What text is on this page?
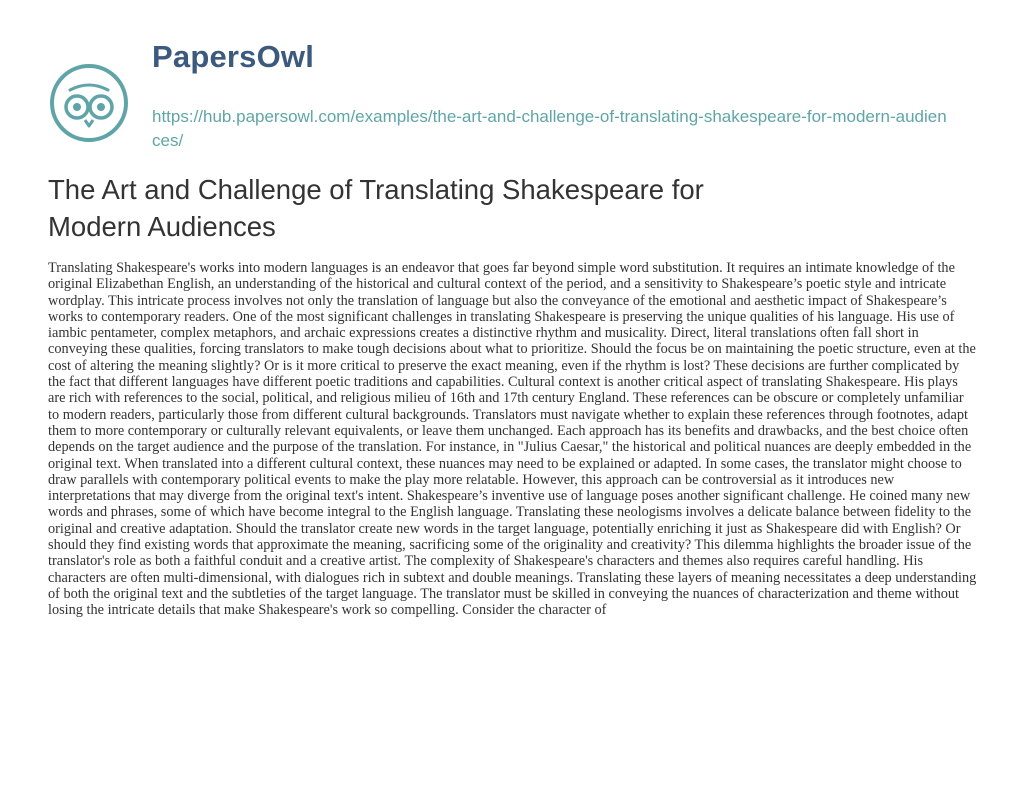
PapersOwl
https://hub.papersowl.com/examples/the-art-and-challenge-of-translating-shakespeare-for-modern-audiences/
The Art and Challenge of Translating Shakespeare for Modern Audiences

Translating Shakespeare's works into modern languages is an endeavor that goes far beyond simple word substitution. It requires an intimate knowledge of the original Elizabethan English, an understanding of the historical and cultural context of the period, and a sensitivity to Shakespeare’s poetic style and intricate wordplay. This intricate process involves not only the translation of language but also the conveyance of the emotional and aesthetic impact of Shakespeare’s works to contemporary readers. One of the most significant challenges in translating Shakespeare is preserving the unique qualities of his language. His use of iambic pentameter, complex metaphors, and archaic expressions creates a distinctive rhythm and musicality. Direct, literal translations often fall short in conveying these qualities, forcing translators to make tough decisions about what to prioritize. Should the focus be on maintaining the poetic structure, even at the cost of altering the meaning slightly? Or is it more critical to preserve the exact meaning, even if the rhythm is lost? These decisions are further complicated by the fact that different languages have different poetic traditions and capabilities. Cultural context is another critical aspect of translating Shakespeare. His plays are rich with references to the social, political, and religious milieu of 16th and 17th century England. These references can be obscure or completely unfamiliar to modern readers, particularly those from different cultural backgrounds. Translators must navigate whether to explain these references through footnotes, adapt them to more contemporary or culturally relevant equivalents, or leave them unchanged. Each approach has its benefits and drawbacks, and the best choice often depends on the target audience and the purpose of the translation. For instance, in "Julius Caesar," the historical and political nuances are deeply embedded in the original text. When translated into a different cultural context, these nuances may need to be explained or adapted. In some cases, the translator might choose to draw parallels with contemporary political events to make the play more relatable. However, this approach can be controversial as it introduces new interpretations that may diverge from the original text's intent. Shakespeare’s inventive use of language poses another significant challenge. He coined many new words and phrases, some of which have become integral to the English language. Translating these neologisms involves a delicate balance between fidelity to the original and creative adaptation. Should the translator create new words in the target language, potentially enriching it just as Shakespeare did with English? Or should they find existing words that approximate the meaning, sacrificing some of the originality and creativity? This dilemma highlights the broader issue of the translator's role as both a faithful conduit and a creative artist. The complexity of Shakespeare's characters and themes also requires careful handling. His characters are often multi-dimensional, with dialogues rich in subtext and double meanings. Translating these layers of meaning necessitates a deep understanding of both the original text and the subtleties of the target language. The translator must be skilled in conveying the nuances of characterization and theme without losing the intricate details that make Shakespeare's work so compelling. Consider the character of
